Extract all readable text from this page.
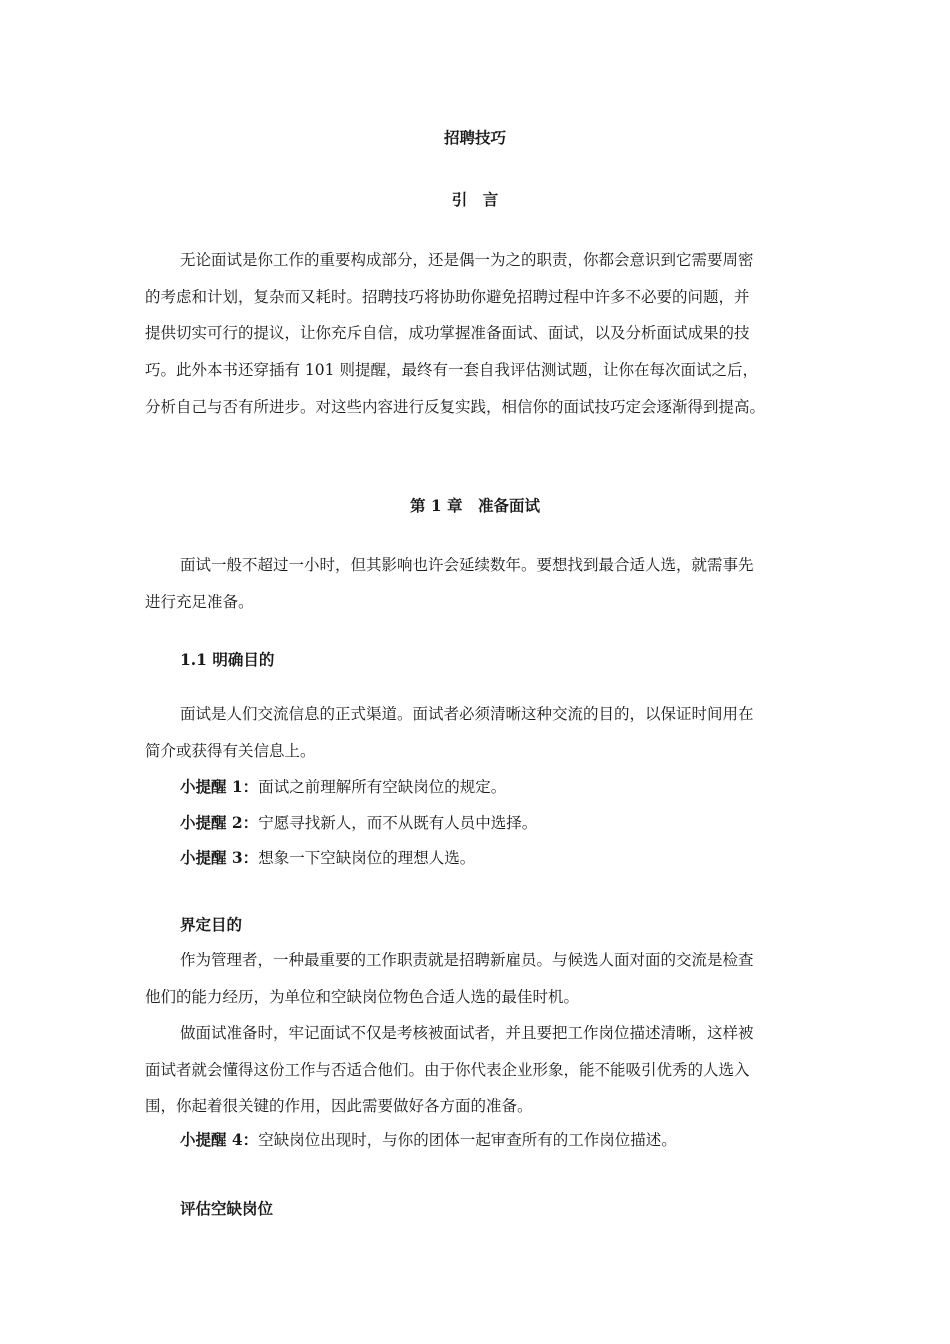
招聘技巧
引　言
无论面试是你工作的重要构成部分，还是偶一为之的职责，你都会意识到它需要周密
的考虑和计划，复杂而又耗时。招聘技巧将协助你避免招聘过程中许多不必要的问题，并
提供切实可行的提议，让你充斥自信，成功掌握准备面试、面试，以及分析面试成果的技
巧。此外本书还穿插有 101 则提醒，最终有一套自我评估测试题，让你在每次面试之后，
分析自己与否有所进步。对这些内容进行反复实践，相信你的面试技巧定会逐渐得到提高。
第 1 章　准备面试
面试一般不超过一小时，但其影响也许会延续数年。要想找到最合适人选，就需事先
进行充足准备。
1.1 明确目的
面试是人们交流信息的正式渠道。面试者必须清晰这种交流的目的，以保证时间用在
简介或获得有关信息上。
小提醒 1：面试之前理解所有空缺岗位的规定。
小提醒 2：宁愿寻找新人，而不从既有人员中选择。
小提醒 3：想象一下空缺岗位的理想人选。
界定目的
作为管理者，一种最重要的工作职责就是招聘新雇员。与候选人面对面的交流是检查
他们的能力经历，为单位和空缺岗位物色合适人选的最佳时机。
做面试准备时，牢记面试不仅是考核被面试者，并且要把工作岗位描述清晰，这样被
面试者就会懂得这份工作与否适合他们。由于你代表企业形象，能不能吸引优秀的人选入
围，你起着很关键的作用，因此需要做好各方面的准备。
小提醒 4：空缺岗位出现时，与你的团体一起审查所有的工作岗位描述。
评估空缺岗位
